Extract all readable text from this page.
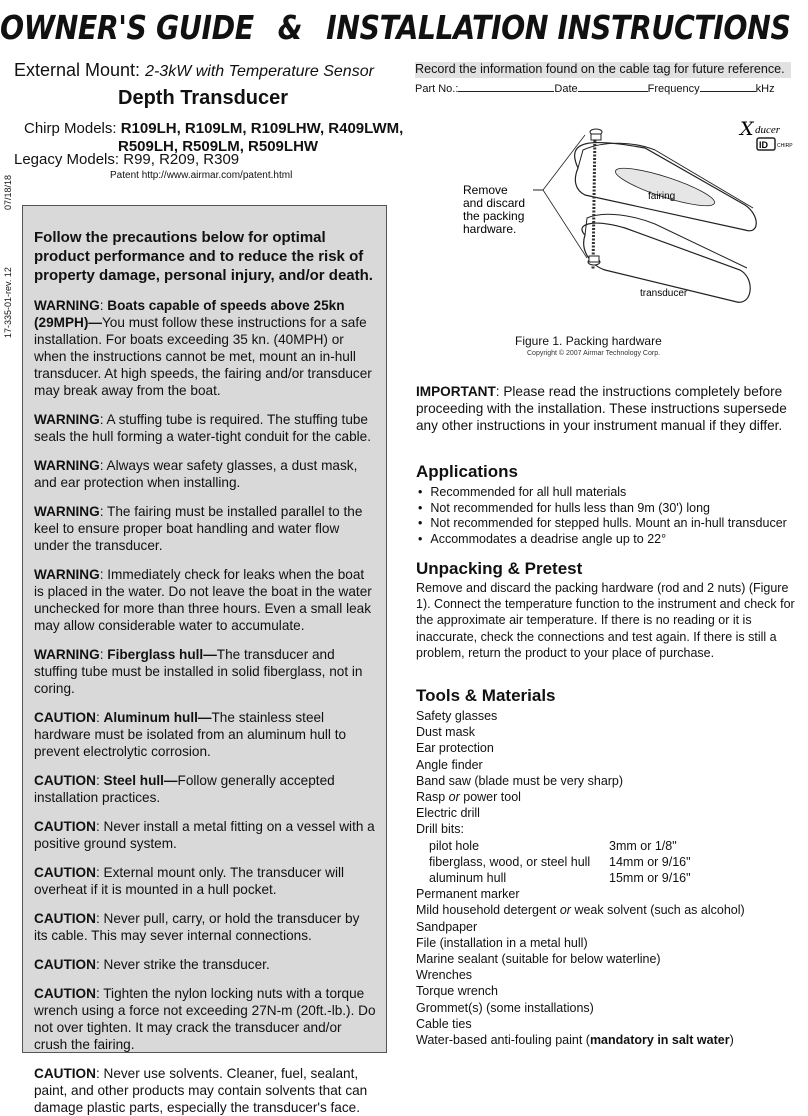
OWNER'S GUIDE & INSTALLATION INSTRUCTIONS
External Mount: 2-3kW with Temperature Sensor
Depth Transducer
Chirp Models: R109LH, R109LM, R109LHW, R409LWM,
R509LH, R509LM, R509LHW
Legacy Models: R99, R209, R309
Patent http://www.airmar.com/patent.html
07/18/18
17-335-01-rev. 12
Follow the precautions below for optimal product performance and to reduce the risk of property damage, personal injury, and/or death.

WARNING: Boats capable of speeds above 25kn (29MPH)—You must follow these instructions for a safe installation. For boats exceeding 35 kn. (40MPH) or when the instructions cannot be met, mount an in-hull transducer. At high speeds, the fairing and/or transducer may break away from the boat.

WARNING: A stuffing tube is required. The stuffing tube seals the hull forming a water-tight conduit for the cable.

WARNING: Always wear safety glasses, a dust mask, and ear protection when installing.

WARNING: The fairing must be installed parallel to the keel to ensure proper boat handling and water flow under the transducer.

WARNING: Immediately check for leaks when the boat is placed in the water. Do not leave the boat in the water unchecked for more than three hours. Even a small leak may allow considerable water to accumulate.

WARNING: Fiberglass hull—The transducer and stuffing tube must be installed in solid fiberglass, not in coring.

CAUTION: Aluminum hull—The stainless steel hardware must be isolated from an aluminum hull to prevent electrolytic corrosion.

CAUTION: Steel hull—Follow generally accepted installation practices.

CAUTION: Never install a metal fitting on a vessel with a positive ground system.

CAUTION: External mount only. The transducer will overheat if it is mounted in a hull pocket.

CAUTION: Never pull, carry, or hold the transducer by its cable. This may sever internal connections.

CAUTION: Never strike the transducer.

CAUTION: Tighten the nylon locking nuts with a torque wrench using a force not exceeding 27N-m (20ft.-lb.). Do not over tighten. It may crack the transducer and/or crush the fairing.

CAUTION: Never use solvents. Cleaner, fuel, sealant, paint, and other products may contain solvents that can damage plastic parts, especially the transducer's face.

Record the information found on the cable tag for future reference.
Part No.:	Date	Frequency	kHz
Remove
and discard
the packing
hardware.
fairing
transducer
X ducer
ID CHIRP
Figure 1. Packing hardware
Copyright © 2007 Airmar Technology Corp.
IMPORTANT: Please read the instructions completely before proceeding with the installation. These instructions supersede any other instructions in your instrument manual if they differ.
Applications
• Recommended for all hull materials
• Not recommended for hulls less than 9m (30') long
• Not recommended for stepped hulls. Mount an in-hull transducer
• Accommodates a deadrise angle up to 22°
Unpacking & Pretest
Remove and discard the packing hardware (rod and 2 nuts) (Figure 1). Connect the temperature function to the instrument and check for the approximate air temperature. If there is no reading or it is inaccurate, check the connections and test again. If there is still a problem, return the product to your place of purchase.
Tools & Materials
Safety glasses
Dust mask
Ear protection
Angle finder
Band saw (blade must be very sharp)
Rasp or power tool
Electric drill
Drill bits:
pilot hole	3mm or 1/8"
fiberglass, wood, or steel hull	14mm or 9/16"
aluminum hull	15mm or 9/16"
Permanent marker
Mild household detergent or weak solvent (such as alcohol)
Sandpaper
File (installation in a metal hull)
Marine sealant (suitable for below waterline)
Wrenches
Torque wrench
Grommet(s) (some installations)
Cable ties
Water-based anti-fouling paint (mandatory in salt water)
